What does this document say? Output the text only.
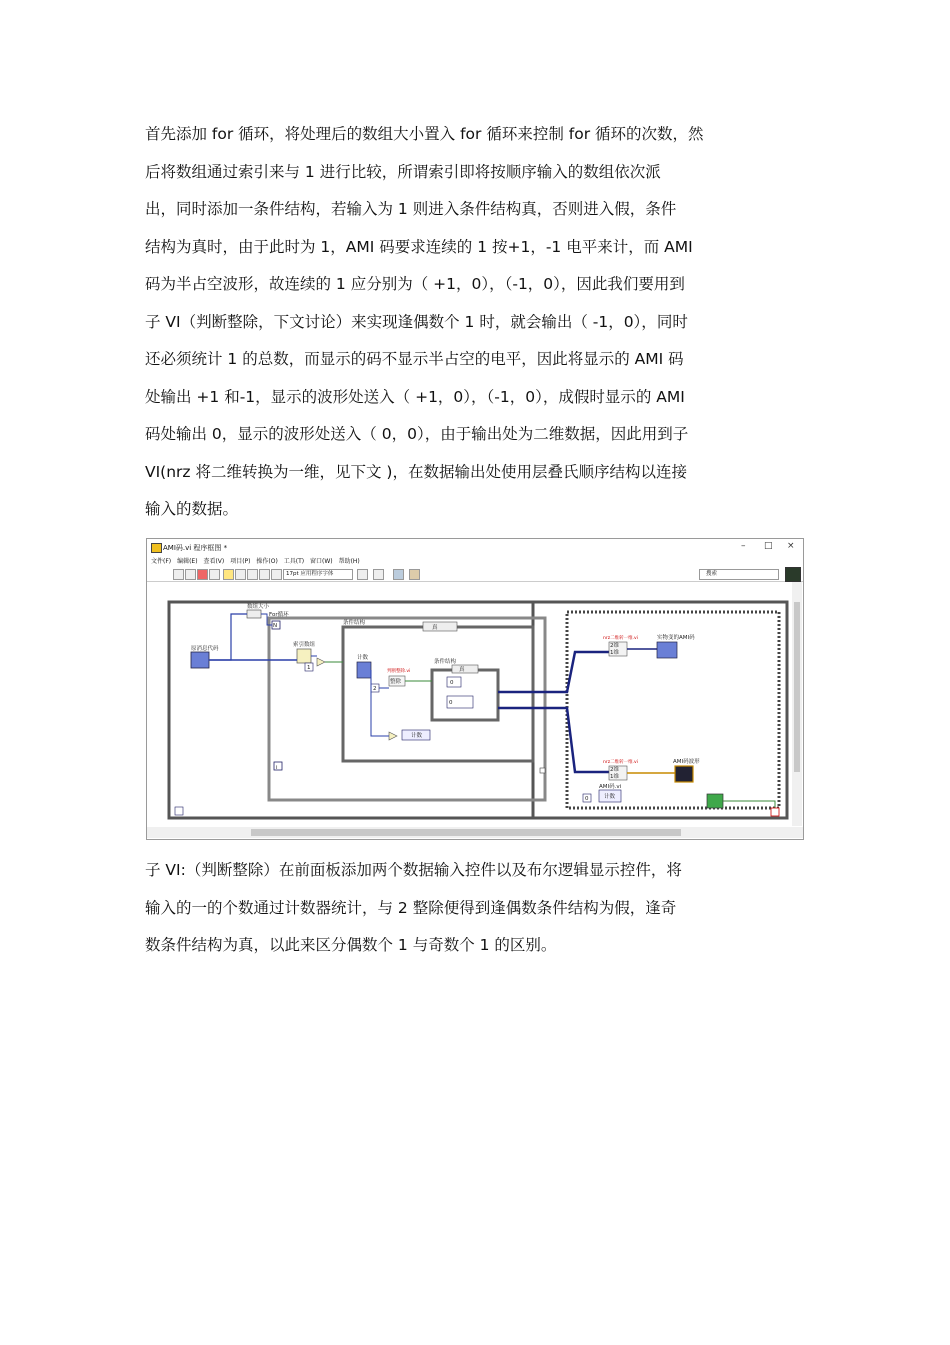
首先添加 for 循环，将处理后的数组大小置入 for 循环来控制 for 循环的次数，然
后将数组通过索引来与 1 进行比较，所谓索引即将按顺序输入的数组依次派
出，同时添加一条件结构，若输入为 1 则进入条件结构真，否则进入假，条件
结构为真时，由于此时为 1，AMI 码要求连续的 1 按+1，-1 电平来计，而 AMI
码为半占空波形，故连续的 1 应分别为（ +1，0），（-1，0），因此我们要用到
子 VI（判断整除，下文讨论）来实现逢偶数个 1 时，就会输出（ -1，0），同时
还必须统计 1 的总数，而显示的码不显示半占空的电平，因此将显示的 AMI 码
处输出 +1 和-1，显示的波形处送入（ +1，0），（-1，0），成假时显示的 AMI
码处输出 0，显示的波形处送入（ 0，0），由于输出处为二维数据，因此用到子
VI(nrz 将二维转换为一维，见下文 )，在数据输出处使用层叠氏顺序结构以连接
输入的数据。
AMI码.vi 程序框图 *	– □ ×
文件(F) 编辑(E) 查看(V) 项目(P) 操作(O) 工具(T) 窗口(W) 帮助(H)
17pt 应用程序字体	搜索
N
i
For循环
原消息代码
数组大小
索引数组
1
真
条件结构
计数
2
整除
判断整除.vi
计数
真
条件结构
0
0
nrz二维转一维.vi
2维
1维
实物变的AMI码
nrz二维转一维.vi
2维
1维
AMI码波形
0
AMI码.vi
计数
子 VI:（判断整除）在前面板添加两个数据输入控件以及布尔逻辑显示控件，将
输入的一的个数通过计数器统计，与 2 整除便得到逢偶数条件结构为假，逢奇
数条件结构为真，以此来区分偶数个 1 与奇数个 1 的区别。
